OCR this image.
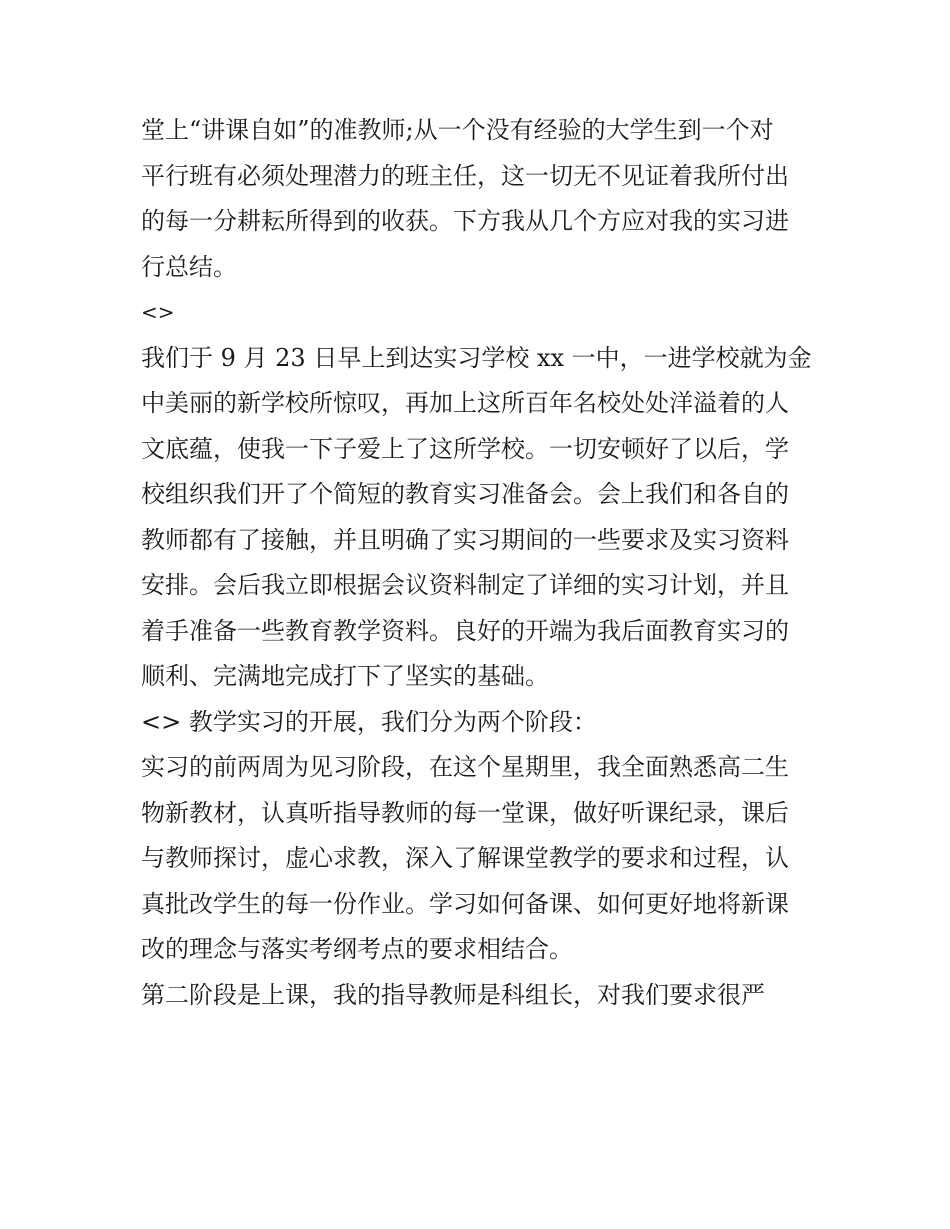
堂上“讲课自如”的准教师;从一个没有经验的大学生到一个对
平行班有必须处理潜力的班主任，这一切无不见证着我所付出
的每一分耕耘所得到的收获。下方我从几个方应对我的实习进
行总结。
<>
我们于 9 月 23 日早上到达实习学校 xx 一中，一进学校就为金
中美丽的新学校所惊叹，再加上这所百年名校处处洋溢着的人
文底蕴，使我一下子爱上了这所学校。一切安顿好了以后，学
校组织我们开了个简短的教育实习准备会。会上我们和各自的
教师都有了接触，并且明确了实习期间的一些要求及实习资料
安排。会后我立即根据会议资料制定了详细的实习计划，并且
着手准备一些教育教学资料。良好的开端为我后面教育实习的
顺利、完满地完成打下了坚实的基础。
<> 教学实习的开展，我们分为两个阶段：
实习的前两周为见习阶段，在这个星期里，我全面熟悉高二生
物新教材，认真听指导教师的每一堂课，做好听课纪录，课后
与教师探讨，虚心求教，深入了解课堂教学的要求和过程，认
真批改学生的每一份作业。学习如何备课、如何更好地将新课
改的理念与落实考纲考点的要求相结合。
第二阶段是上课，我的指导教师是科组长，对我们要求很严
